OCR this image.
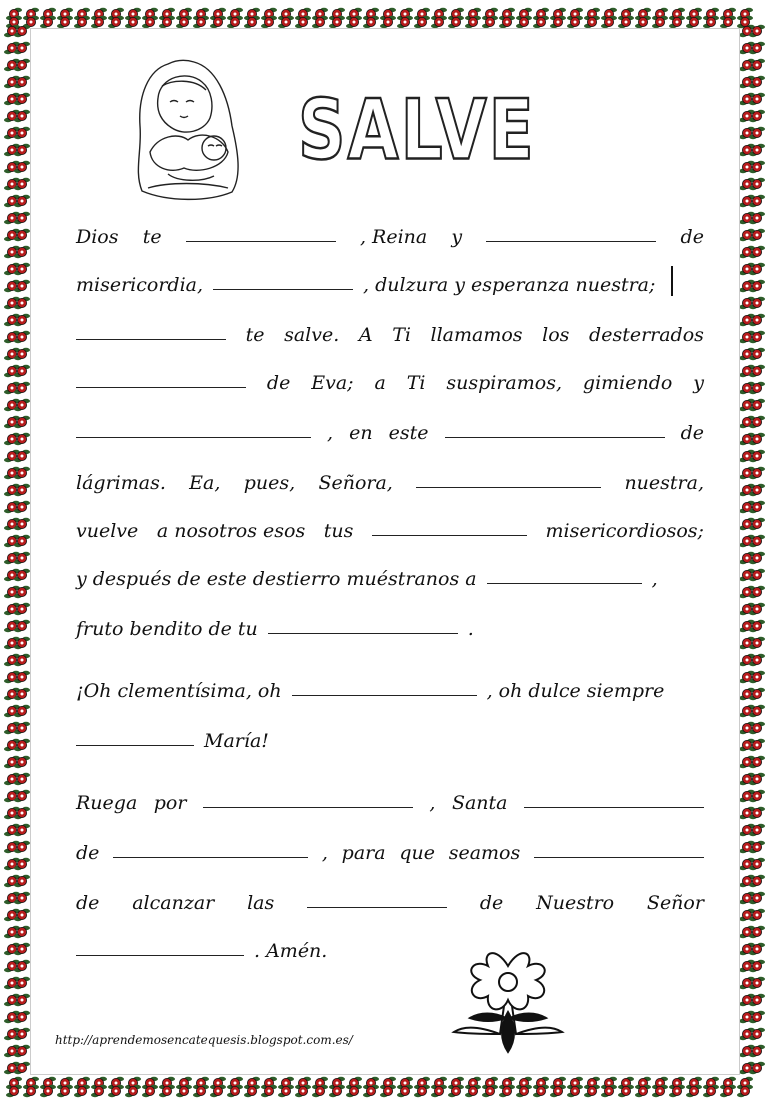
SALVE
Dios te	, Reina y	de
misericordia,	, dulzura y esperanza nuestra;
te salve. A Ti llamamos los desterrados
de Eva; a Ti suspiramos, gimiendo y
, en este	de
lágrimas. Ea, pues, Señora,	nuestra,
vuelve a nosotros esos tus	misericordiosos;
y después de este destierro muéstranos a	,
fruto bendito de tu	.
¡Oh clementísima, oh	, oh dulce siempre
María!
Ruega por	, Santa
de	, para que seamos
de alcanzar las	de Nuestro Señor
. Amén.
http://aprendemosencatequesis.blogspot.com.es/
